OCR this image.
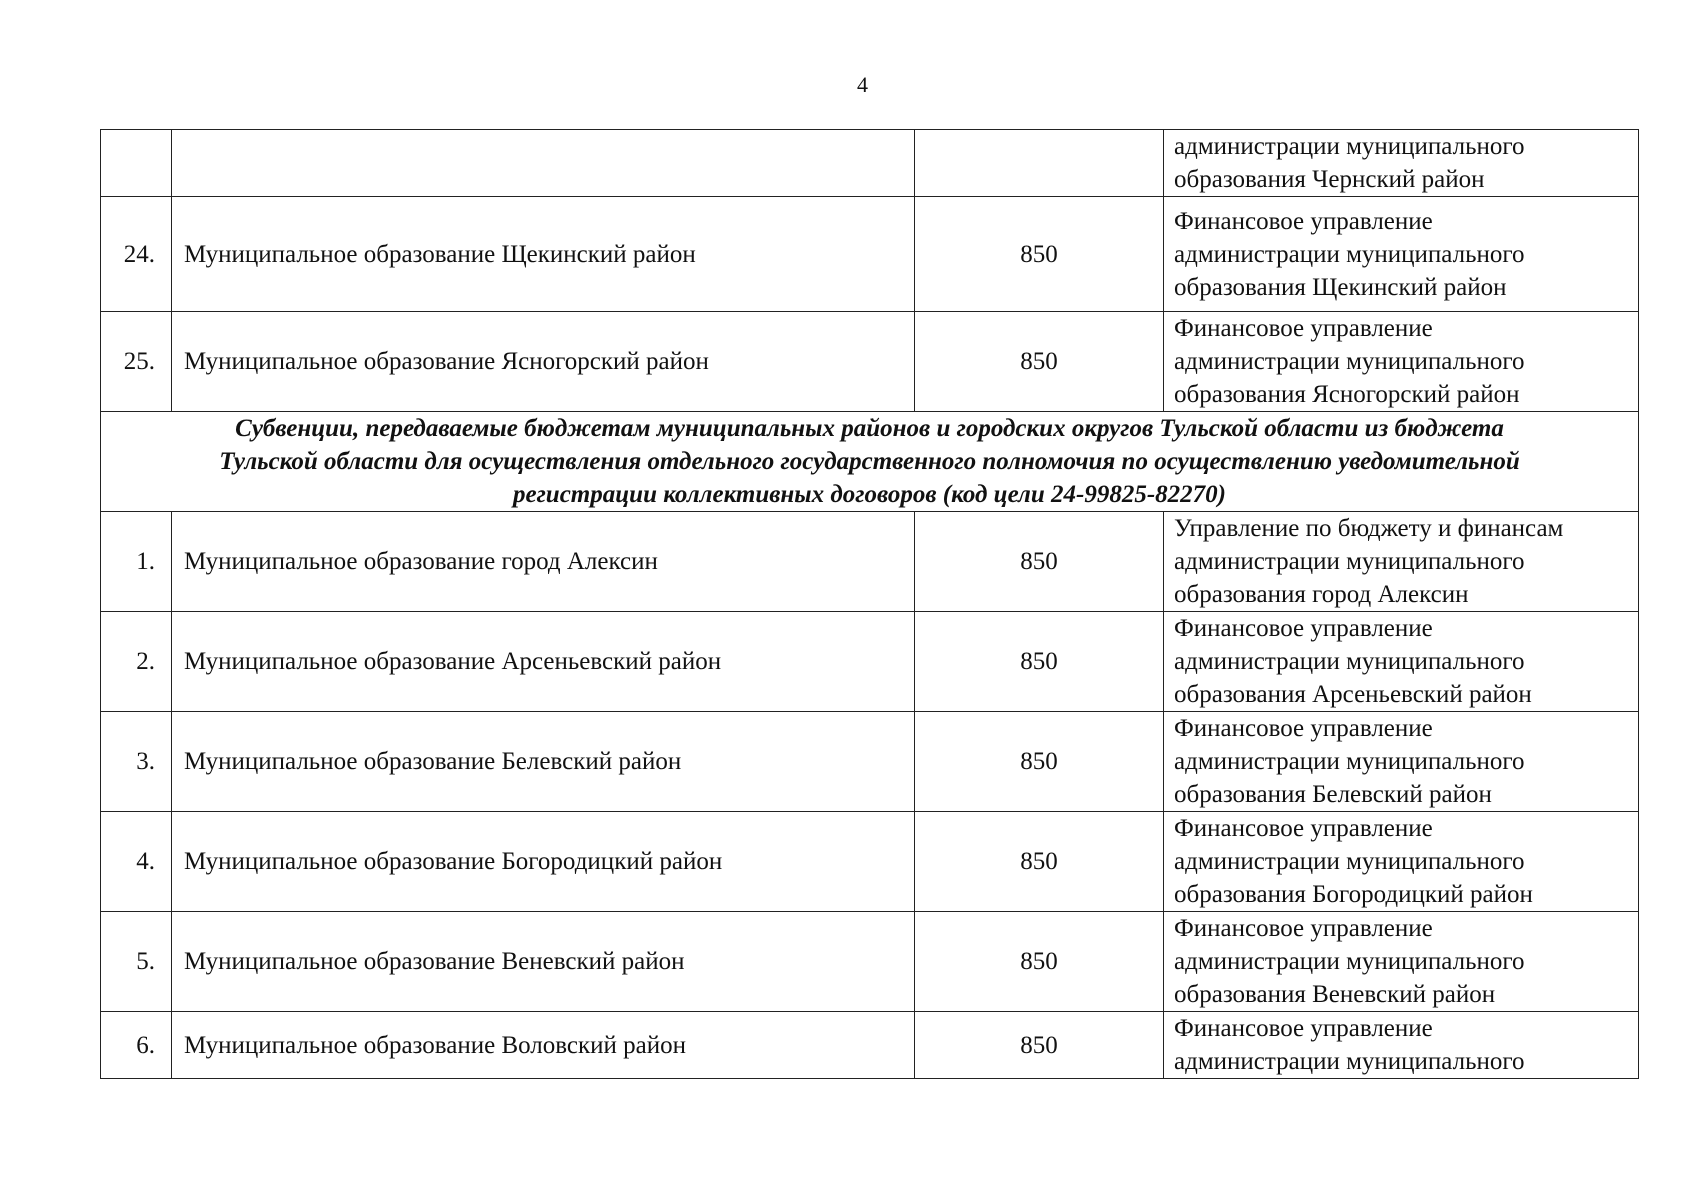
4

			администрации муниципального
образования Чернский район

24.	Муниципальное образование Щекинский район	850	Финансовое управление
администрации муниципального
образования Щекинский район

25.	Муниципальное образование Ясногорский район	850	Финансовое управление
администрации муниципального
образования Ясногорский район

Субвенции, передаваемые бюджетам муниципальных районов и городских округов Тульской области из бюджета
Тульской области для осуществления отдельного государственного полномочия по осуществлению уведомительной
регистрации коллективных договоров (код цели 24-99825-82270)			

1.	Муниципальное образование город Алексин	850	Управление по бюджету и финансам
администрации муниципального
образования город Алексин

2.	Муниципальное образование Арсеньевский район	850	Финансовое управление
администрации муниципального
образования Арсеньевский район

3.	Муниципальное образование Белевский район	850	Финансовое управление
администрации муниципального
образования Белевский район

4.	Муниципальное образование Богородицкий район	850	Финансовое управление
администрации муниципального
образования Богородицкий район

5.	Муниципальное образование Веневский район	850	Финансовое управление
администрации муниципального
образования Веневский район

6.	Муниципальное образование Воловский район	850	Финансовое управление
администрации муниципального
